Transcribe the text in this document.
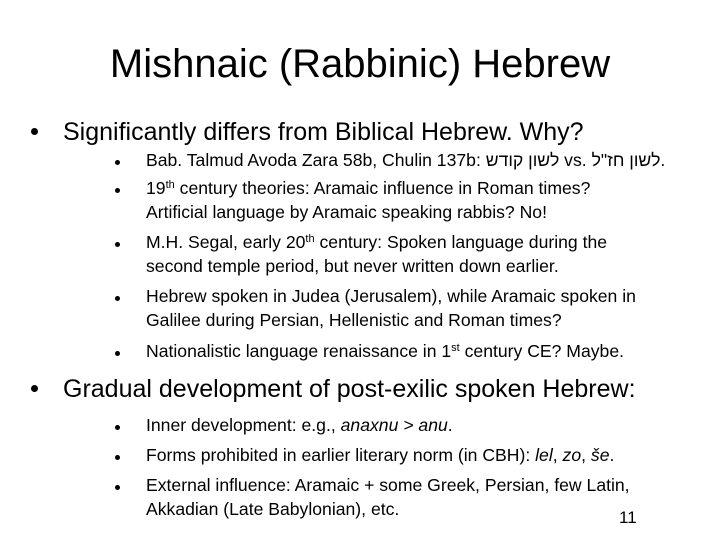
Mishnaic (Rabbinic) Hebrew
Significantly differs from Biblical Hebrew. Why?
Bab. Talmud Avoda Zara 58b, Chulin 137b: לשון קודש vs. לשון חז"ל.
19th century theories: Aramaic influence in Roman times?
Artificial language by Aramaic speaking rabbis? No!
M.H. Segal, early 20th century: Spoken language during the
second temple period, but never written down earlier.
Hebrew spoken in Judea (Jerusalem), while Aramaic spoken in
Galilee during Persian, Hellenistic and Roman times?
Nationalistic language renaissance in 1st century CE? Maybe.
Gradual development of post-exilic spoken Hebrew:
Inner development: e.g., anaxnu > anu.
Forms prohibited in earlier literary norm (in CBH): lel, zo, še.
External influence: Aramaic + some Greek, Persian, few Latin,
Akkadian (Late Babylonian), etc.	11
